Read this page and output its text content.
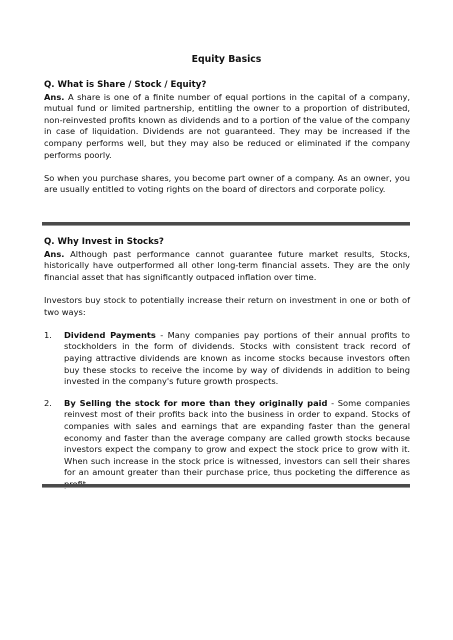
Equity Basics

Q. What is Share / Stock / Equity?

Ans. A share is one of a finite number of equal portions in the capital of a company, mutual fund or limited partnership, entitling the owner to a proportion of distributed, non-reinvested profits known as dividends and to a portion of the value of the company in case of liquidation. Dividends are not guaranteed. They may be increased if the company performs well, but they may also be reduced or eliminated if the company performs poorly.

So when you purchase shares, you become part owner of a company. As an owner, you are usually entitled to voting rights on the board of directors and corporate policy.

Q. Why Invest in Stocks?

Ans. Although past performance cannot guarantee future market results, Stocks, historically have outperformed all other long-term financial assets. They are the only financial asset that has significantly outpaced inflation over time.

Investors buy stock to potentially increase their return on investment in one or both of two ways:

1. Dividend Payments - Many companies pay portions of their annual profits to stockholders in the form of dividends. Stocks with consistent track record of paying attractive dividends are known as income stocks because investors often buy these stocks to receive the income by way of dividends in addition to being invested in the company's future growth prospects.
2. By Selling the stock for more than they originally paid - Some companies reinvest most of their profits back into the business in order to expand. Stocks of companies with sales and earnings that are expanding faster than the general economy and faster than the average company are called growth stocks because investors expect the company to grow and expect the stock price to grow with it. When such increase in the stock price is witnessed, investors can sell their shares for an amount greater than their purchase price, thus pocketing the difference as
